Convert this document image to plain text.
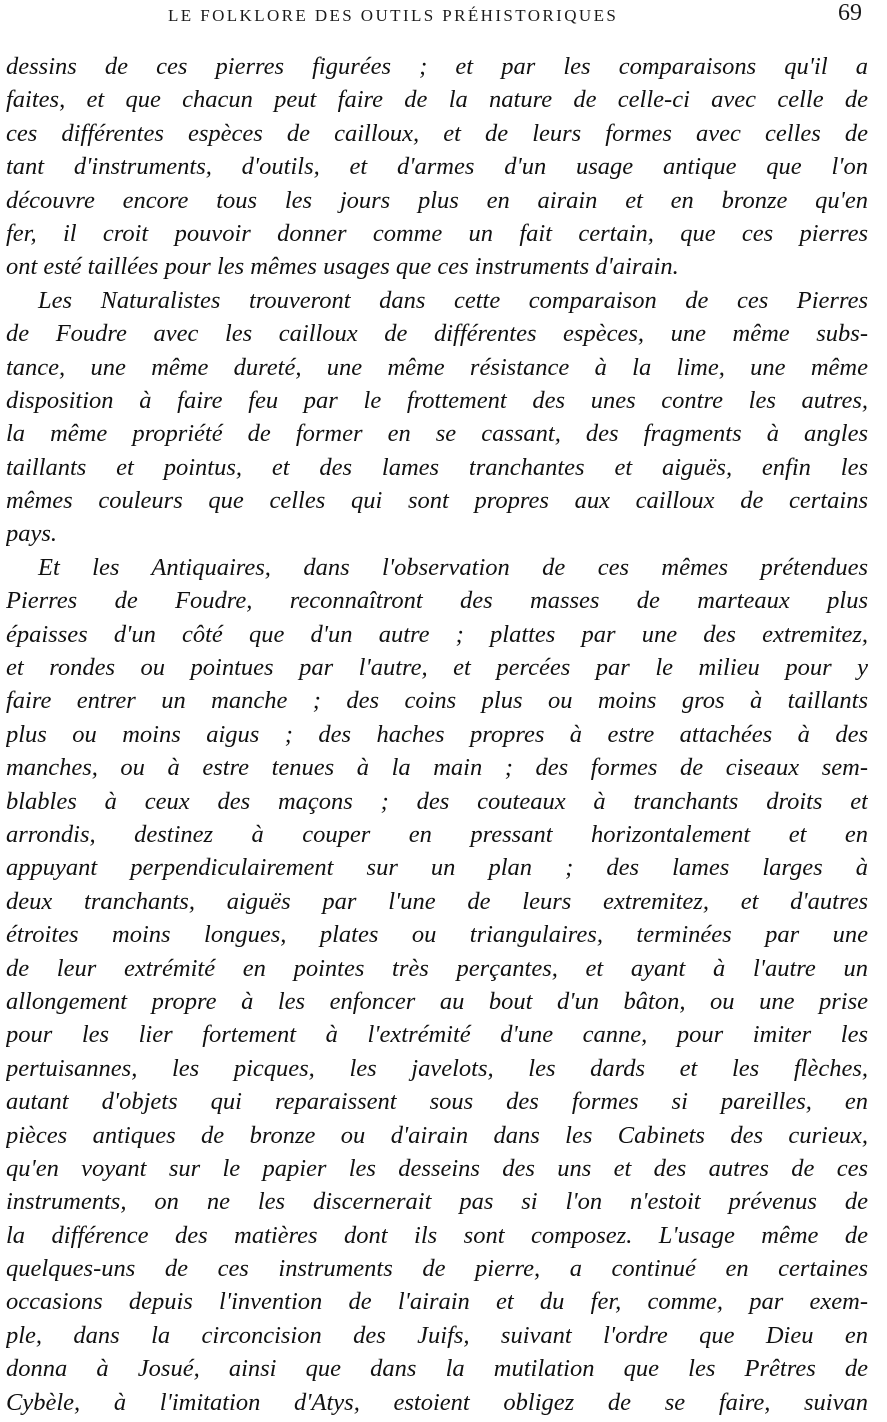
LE FOLKLORE DES OUTILS PRÉHISTORIQUES	69
dessins de ces pierres figurées ; et par les comparaisons qu'il a
faites, et que chacun peut faire de la nature de celle-ci avec celle de
ces différentes espèces de cailloux, et de leurs formes avec celles de
tant d'instruments, d'outils, et d'armes d'un usage antique que l'on
découvre encore tous les jours plus en airain et en bronze qu'en
fer, il croit pouvoir donner comme un fait certain, que ces pierres
ont esté taillées pour les mêmes usages que ces instruments d'airain.
Les Naturalistes trouveront dans cette comparaison de ces Pierres
de Foudre avec les cailloux de différentes espèces, une même subs-
tance, une même dureté, une même résistance à la lime, une même
disposition à faire feu par le frottement des unes contre les autres,
la même propriété de former en se cassant, des fragments à angles
taillants et pointus, et des lames tranchantes et aiguës, enfin les
mêmes couleurs que celles qui sont propres aux cailloux de certains
pays.
Et les Antiquaires, dans l'observation de ces mêmes prétendues
Pierres de Foudre, reconnaîtront des masses de marteaux plus
épaisses d'un côté que d'un autre ; plattes par une des extremitez,
et rondes ou pointues par l'autre, et percées par le milieu pour y
faire entrer un manche ; des coins plus ou moins gros à taillants
plus ou moins aigus ; des haches propres à estre attachées à des
manches, ou à estre tenues à la main ; des formes de ciseaux sem-
blables à ceux des maçons ; des couteaux à tranchants droits et
arrondis, destinez à couper en pressant horizontalement et en
appuyant perpendiculairement sur un plan ; des lames larges à
deux tranchants, aiguës par l'une de leurs extremitez, et d'autres
étroites moins longues, plates ou triangulaires, terminées par une
de leur extrémité en pointes très perçantes, et ayant à l'autre un
allongement propre à les enfoncer au bout d'un bâton, ou une prise
pour les lier fortement à l'extrémité d'une canne, pour imiter les
pertuisannes, les picques, les javelots, les dards et les flèches,
autant d'objets qui reparaissent sous des formes si pareilles, en
pièces antiques de bronze ou d'airain dans les Cabinets des curieux,
qu'en voyant sur le papier les desseins des uns et des autres de ces
instruments, on ne les discernerait pas si l'on n'estoit prévenus de
la différence des matières dont ils sont composez. L'usage même de
quelques-uns de ces instruments de pierre, a continué en certaines
occasions depuis l'invention de l'airain et du fer, comme, par exem-
ple, dans la circoncision des Juifs, suivant l'ordre que Dieu en
donna à Josué, ainsi que dans la mutilation que les Prêtres de
Cybèle, à l'imitation d'Atys, estoient obligez de se faire, suivan
